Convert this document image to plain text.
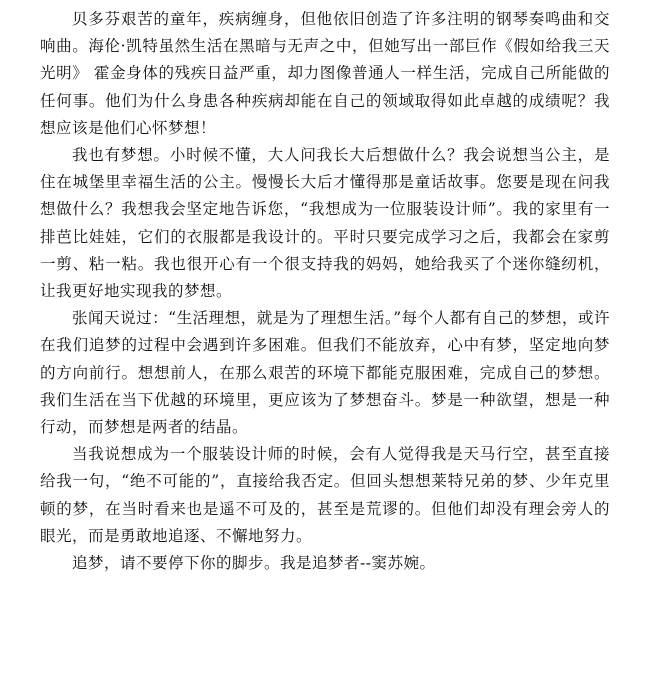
贝多芬艰苦的童年，疾病缠身，但他依旧创造了许多注明的钢琴奏鸣曲和交响曲。海伦·凯特虽然生活在黑暗与无声之中，但她写出一部巨作《假如给我三天光明》 霍金身体的残疾日益严重，却力图像普通人一样生活，完成自己所能做的任何事。他们为什么身患各种疾病却能在自己的领域取得如此卓越的成绩呢？我想应该是他们心怀梦想！

我也有梦想。小时候不懂，大人问我长大后想做什么？我会说想当公主，是住在城堡里幸福生活的公主。慢慢长大后才懂得那是童话故事。您要是现在问我想做什么？我想我会坚定地告诉您，“我想成为一位服装设计师”。我的家里有一排芭比娃娃，它们的衣服都是我设计的。平时只要完成学习之后，我都会在家剪一剪、粘一粘。我也很开心有一个很支持我的妈妈，她给我买了个迷你缝纫机，让我更好地实现我的梦想。

张闻天说过：“生活理想，就是为了理想生活。”每个人都有自己的梦想，或许在我们追梦的过程中会遇到许多困难。但我们不能放弃，心中有梦，坚定地向梦的方向前行。想想前人，在那么艰苦的环境下都能克服困难，完成自己的梦想。我们生活在当下优越的环境里，更应该为了梦想奋斗。梦是一种欲望，想是一种行动，而梦想是两者的结晶。

当我说想成为一个服装设计师的时候，会有人觉得我是天马行空，甚至直接给我一句，“绝不可能的”，直接给我否定。但回头想想莱特兄弟的梦、少年克里顿的梦，在当时看来也是遥不可及的，甚至是荒谬的。但他们却没有理会旁人的眼光，而是勇敢地追逐、不懈地努力。

追梦，请不要停下你的脚步。我是追梦者--窦苏婉。
